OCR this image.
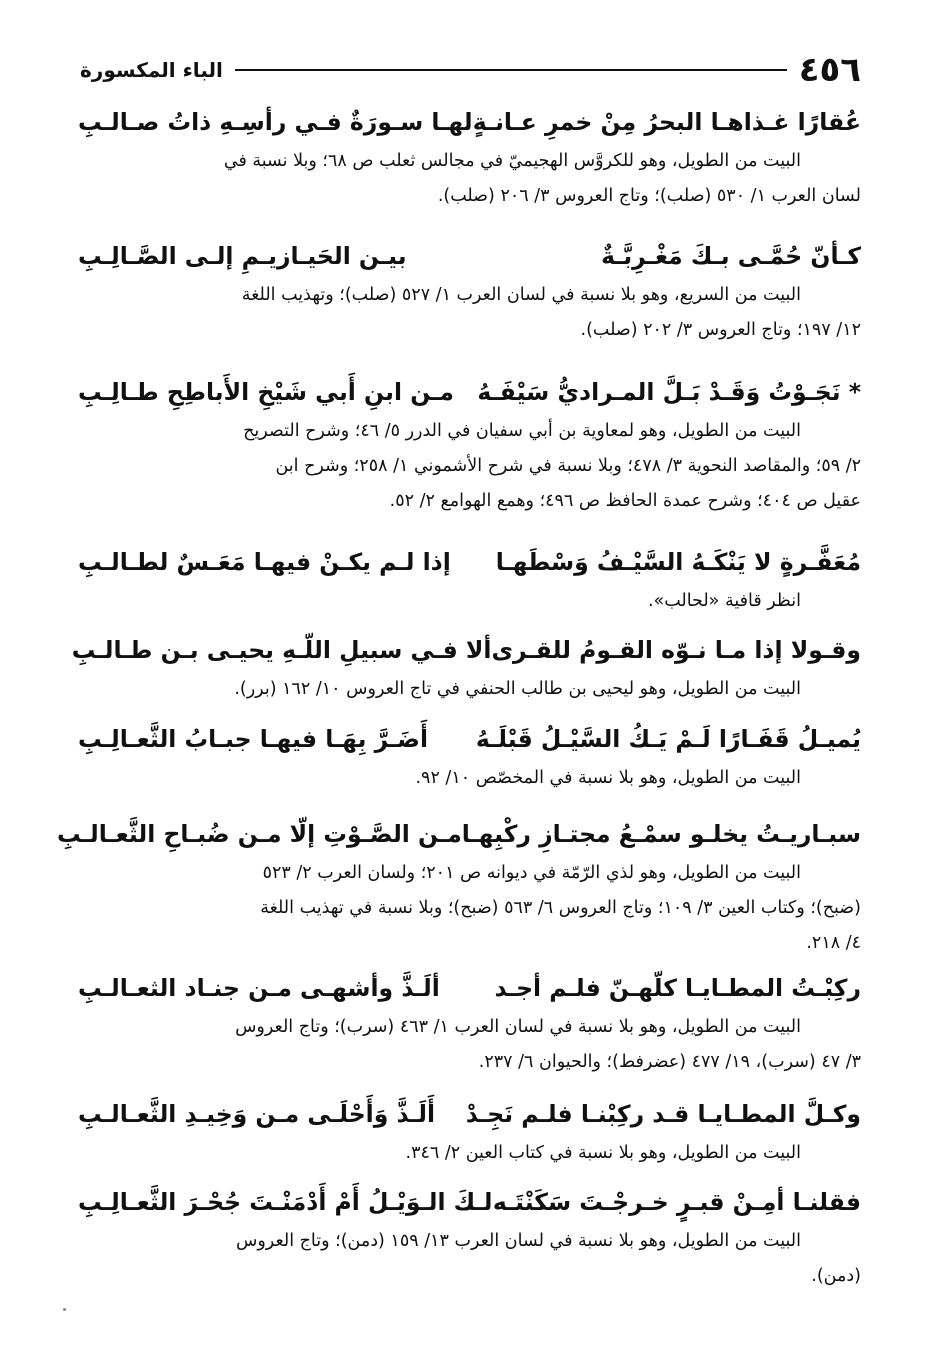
٤٥٦
الباء المكسورة
عُقارًا غـذاهـا البحرُ مِنْ خمرِ عـانـةٍ
لهـا سـورَةٌ فـي رأسِـهِ ذاتُ صـالـبِ
البيت من الطويل، وهو للكروَّس الهجيميّ في مجالس ثعلب ص ٦٨؛ وبلا نسبة في
لسان العرب ١/ ٥٣٠ (صلب)؛ وتاج العروس ٣/ ٢٠٦ (صلب).
كـأنّ حُمَّـى بـكَ مَغْـرِبَّـةٌ
بيـن الحَيـازيـمِ إلـى الصَّـالِـبِ
البيت من السريع، وهو بلا نسبة في لسان العرب ١/ ٥٢٧ (صلب)؛ وتهذيب اللغة
١٢/ ١٩٧؛ وتاج العروس ٣/ ٢٠٢ (صلب).
* نَجَـوْتُ وَقَـدْ بَـلَّ المـراديُّ سَيْفَـهُ
مـن ابنِ أَبي شَيْخِ الأَباطِحِ طـالِـبِ
البيت من الطويل، وهو لمعاوية بن أبي سفيان في الدرر ٥/ ٤٦؛ وشرح التصريح
٢/ ٥٩؛ والمقاصد النحوية ٣/ ٤٧٨؛ وبلا نسبة في شرح الأشموني ١/ ٢٥٨؛ وشرح ابن
عقيل ص ٤٠٤؛ وشرح عمدة الحافظ ص ٤٩٦؛ وهمع الهوامع ٢/ ٥٢.
مُعَفَّـرةٍ لا يَنْكَـهُ السَّيْـفُ وَسْطَهـا
إذا لـم يكـنْ فيهـا مَعَـسٌ لطـالـبِ
انظر قافية «لحالب».
وقـولا إذا مـا نـوّه القـومُ للقـرى
ألا فـي سبيلِ اللّـهِ يحيـى بـن طـالـبِ
البيت من الطويل، وهو ليحيى بن طالب الحنفي في تاج العروس ١٠/ ١٦٢ (برر).
يُميـلُ قَفَـارًا لَـمْ يَـكُ السَّيْـلُ قَبْلَـهُ
أَضَـرَّ بِهَـا فيهـا جبـابُ الثَّعـالِـبِ
البيت من الطويل، وهو بلا نسبة في المخصّص ١٠/ ٩٢.
سبـاريـتُ يخلـو سمْـعُ مجتـازِ ركْبِهـا
مـن الصَّـوْتِ إلّا مـن ضُبـاحِ الثَّعـالـبِ
البيت من الطويل، وهو لذي الرّمّة في ديوانه ص ٢٠١؛ ولسان العرب ٢/ ٥٢٣
(ضبح)؛ وكتاب العين ٣/ ١٠٩؛ وتاج العروس ٦/ ٥٦٣ (ضبح)؛ وبلا نسبة في تهذيب اللغة
٤/ ٢١٨.
ركِبْـتُ المطـايـا كلّهـنّ فلـم أجـد
ألَـذَّ وأشهـى مـن جنـاد الثعـالـبِ
البيت من الطويل، وهو بلا نسبة في لسان العرب ١/ ٤٦٣ (سرب)؛ وتاج العروس
٣/ ٤٧ (سرب)، ١٩/ ٤٧٧ (عضرفط)؛ والحيوان ٦/ ٢٣٧.
وكـلَّ المطـايـا قـد ركِبْنـا فلـم نَجِـدْ
أَلَـذَّ وَأَحْلَـى مـن وَخِيـدِ الثَّعـالـبِ
البيت من الطويل، وهو بلا نسبة في كتاب العين ٢/ ٣٤٦.
فقلنـا أمِـنْ قبـرٍ خـرجْـتَ سَكَنْتَـه
لـكَ الـوَيْـلُ أَمْ أَدْمَنْـتَ جُحْـرَ الثَّعـالِـبِ
البيت من الطويل، وهو بلا نسبة في لسان العرب ١٣/ ١٥٩ (دمن)؛ وتاج العروس
(دمن).
